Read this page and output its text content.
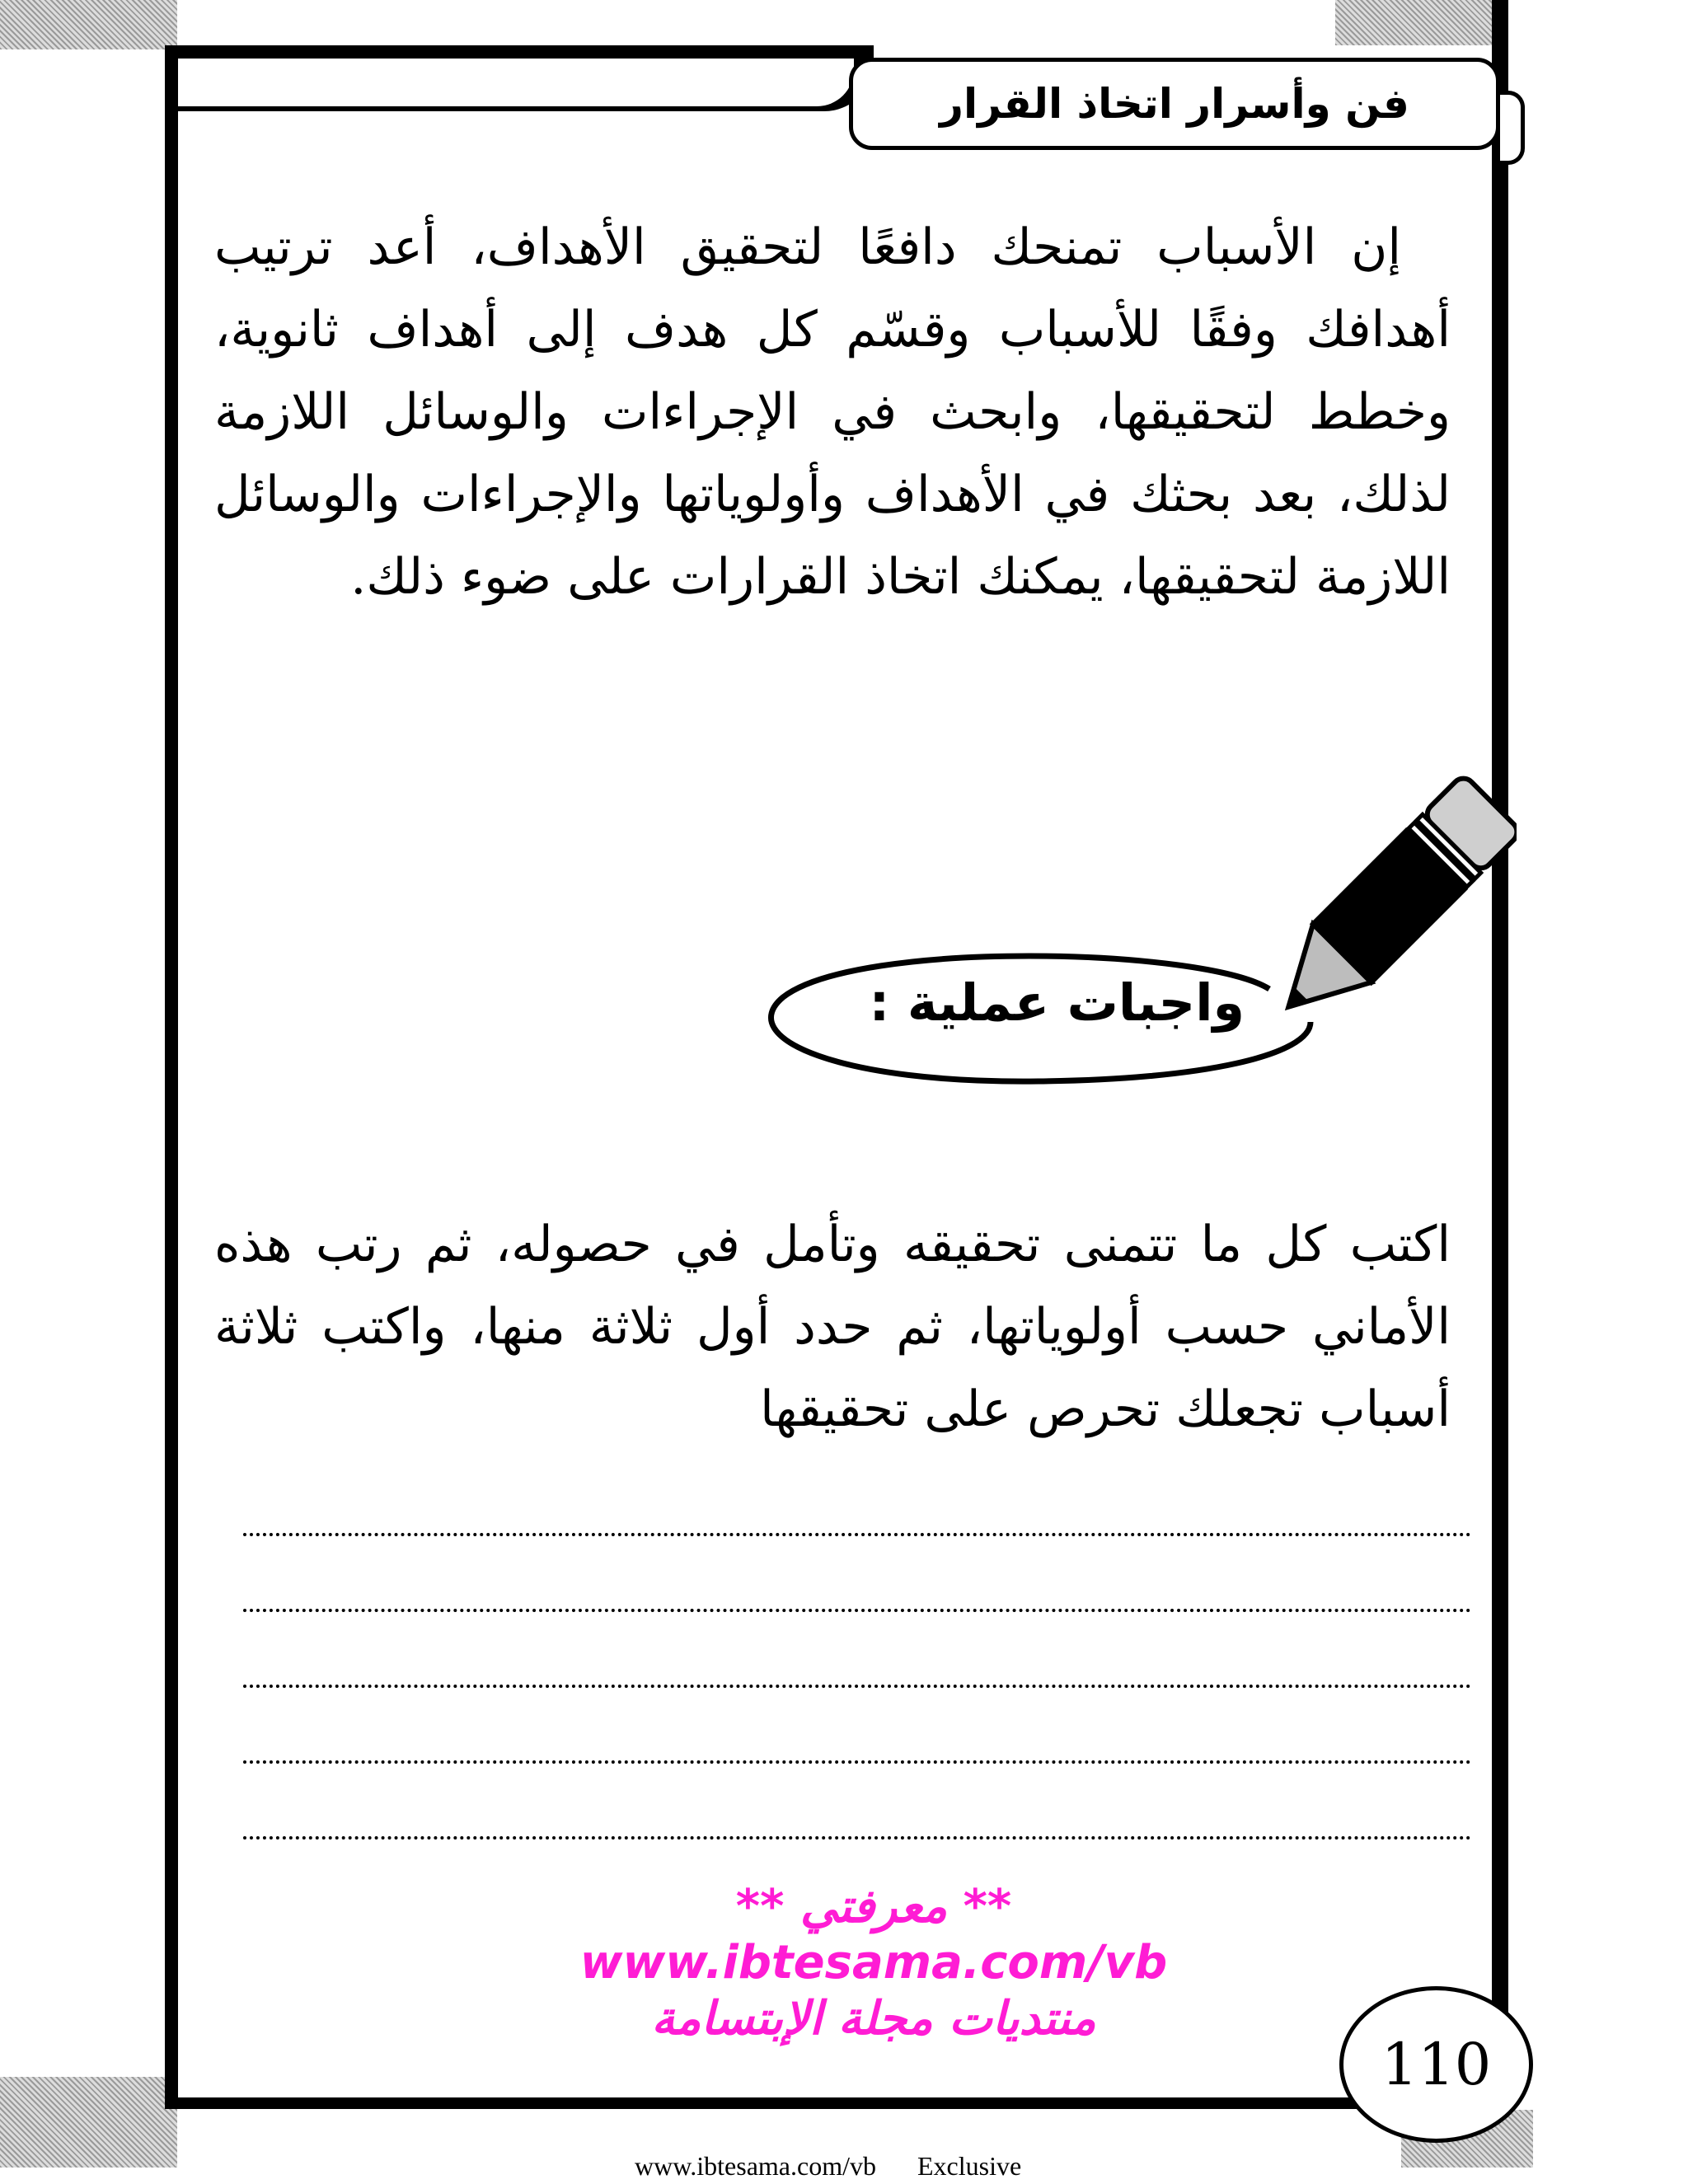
فن وأسرار اتخاذ القرار
إن الأسباب تمنحك دافعًا لتحقيق الأهداف، أعد ترتيب أهدافك وفقًا للأسباب وقسّم كل هدف إلى أهداف ثانوية، وخطط لتحقيقها، وابحث في الإجراءات والوسائل اللازمة لذلك، بعد بحثك في الأهداف وأولوياتها والإجراءات والوسائل اللازمة لتحقيقها، يمكنك اتخاذ القرارات على ضوء ذلك.
واجبات عملية :
اكتب كل ما تتمنى تحقيقه وتأمل في حصوله، ثم رتب هذه الأماني حسب أولوياتها، ثم حدد أول ثلاثة منها، واكتب ثلاثة أسباب تجعلك تحرص على تحقيقها
** معرفتي **
www.ibtesama.com/vb
منتديات مجلة الإبتسامة
110
www.ibtesama.com/vb Exclusive
